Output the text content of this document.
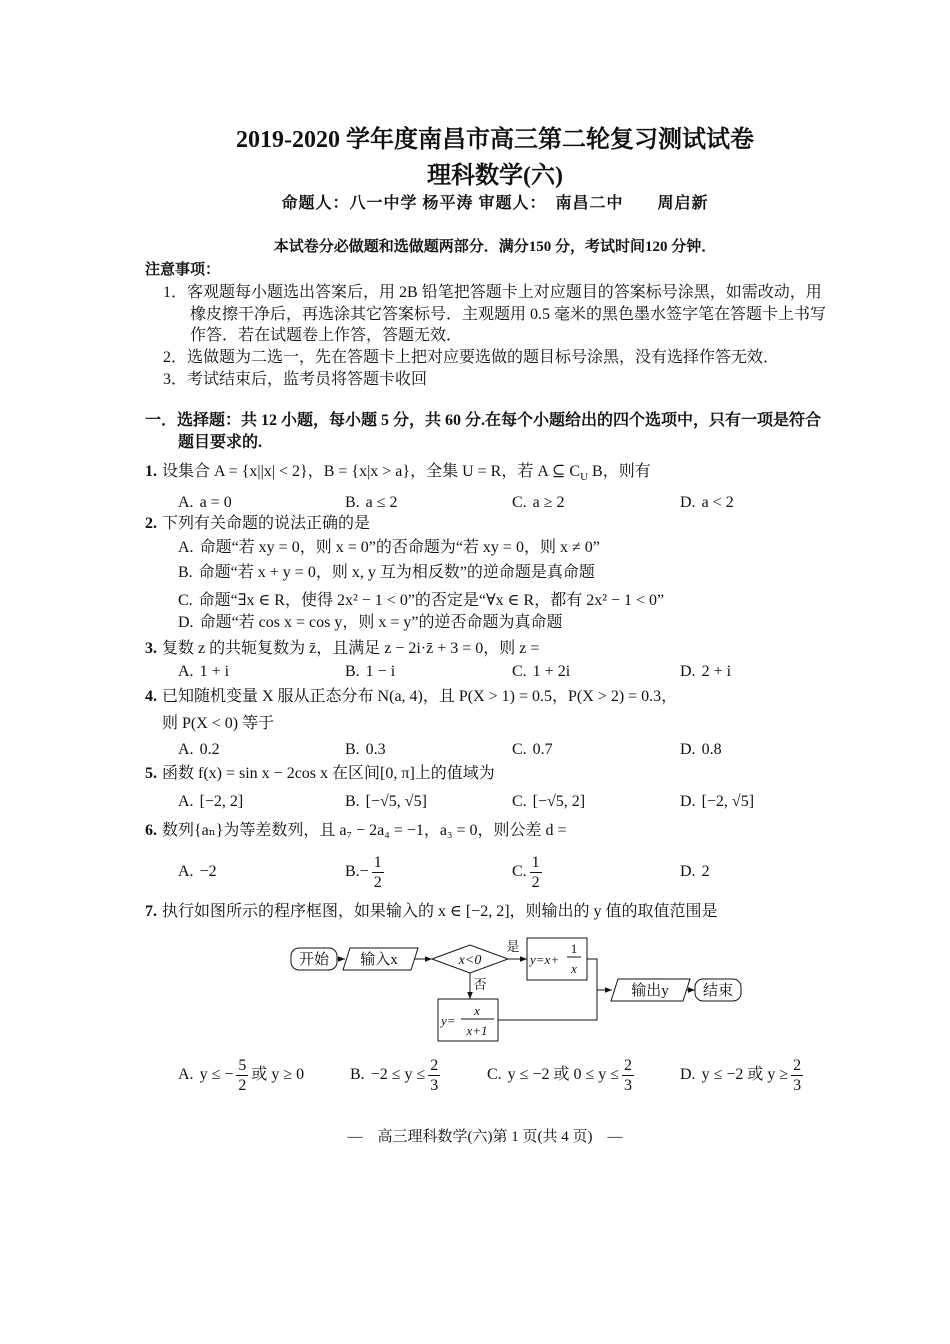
2019-2020 学年度南昌市高三第二轮复习测试试卷
理科数学(六)
命题人：八一中学 杨平涛 审题人：　南昌二中　　周启新
本试卷分必做题和选做题两部分．满分150 分，考试时间120 分钟．
注意事项：
1．客观题每小题选出答案后，用 2B 铅笔把答题卡上对应题目的答案标号涂黑，如需改动，用
橡皮擦干净后，再选涂其它答案标号．主观题用 0.5 毫米的黑色墨水签字笔在答题卡上书写
作答．若在试题卷上作答，答题无效．
2．选做题为二选一，先在答题卡上把对应要选做的题目标号涂黑，没有选择作答无效．
3．考试结束后，监考员将答题卡收回
一．选择题：共 12 小题，每小题 5 分，共 60 分.在每个小题给出的四个选项中，只有一项是符合
题目要求的.
1. 设集合 A = {x||x| < 2}，B = {x|x > a}，全集 U = R，若 A ⊆ $C_U$ B，则有
A. a = 0	B. a ≤ 2	C. a ≥ 2	D. a < 2
2. 下列有关命题的说法正确的是
A. 命题“若 xy = 0，则 x = 0”的否命题为“若 xy = 0，则 x ≠ 0”
B. 命题“若 x + y = 0，则 x, y 互为相反数”的逆命题是真命题
C. 命题“∃x ∈ R，使得 2x² − 1 < 0”的否定是“∀x ∈ R，都有 2x² − 1 < 0”
D. 命题“若 cos x = cos y，则 x = y”的逆否命题为真命题
3. 复数 z 的共轭复数为 z̄，且满足 z − 2i·z̄ + 3 = 0，则 z =
A. 1 + i	B. 1 − i	C. 1 + 2i	D. 2 + i
4. 已知随机变量 X 服从正态分布 N(a, 4)，且 P(X > 1) = 0.5，P(X > 2) = 0.3，
则 P(X < 0) 等于
A. 0.2	B. 0.3	C. 0.7	D. 0.8
5. 函数 f(x) = sin x − 2cos x 在区间[0, π]上的值域为
A. [−2, 2]	B. [−√5, √5]	C. [−√5, 2]	D. [−2, √5]
6. 数列{aₙ}为等差数列，且 a₇ − 2a₄ = −1，a₃ = 0，则公差 d =
A. −2	B. − $\frac{1}{2}$	C. $\frac{1}{2}$	D. 2
7. 执行如图所示的程序框图，如果输入的 x ∈ [−2, 2]，则输出的 y 值的取值范围是
开始 输入x	x<0
是
否
y=x+
1
x
y=
x
x+1
输出y 结束
A. y ≤ − $\frac{5}{2}$ 或 y ≥ 0	B. $-2 \le y \le \frac{2}{3}$	C. y ≤ −2 或 $0 \le y \le \frac{2}{3}$	D. y ≤ −2 或 $y \ge \frac{2}{3}$
—　高三理科数学(六)第 1 页(共 4 页)　—
